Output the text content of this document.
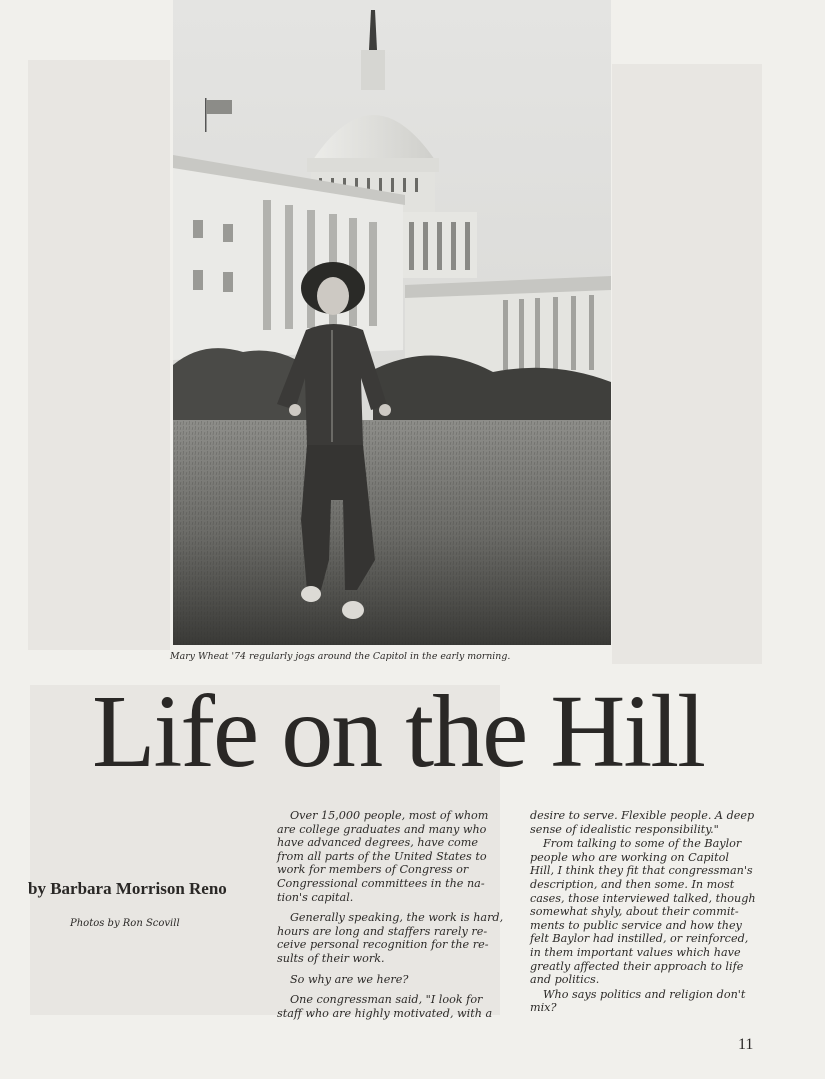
Mary Wheat '74 regularly jogs around the Capitol in the early morning.
Life on the Hill
by Barbara Morrison Reno
Photos by Ron Scovill

Over 15,000 people, most of whom
are college graduates and many who
have advanced degrees, have come
from all parts of the United States to
work for members of Congress or
Congressional committees in the na-
tion's capital.

Generally speaking, the work is hard,
hours are long and staffers rarely re-
ceive personal recognition for the re-
sults of their work.

So why are we here?

One congressman said, "I look for
staff who are highly motivated, with a

desire to serve. Flexible people. A deep
sense of idealistic responsibility."

From talking to some of the Baylor
people who are working on Capitol
Hill, I think they fit that congressman's
description, and then some. In most
cases, those interviewed talked, though
somewhat shyly, about their commit-
ments to public service and how they
felt Baylor had instilled, or reinforced,
in them important values which have
greatly affected their approach to life
and politics.

Who says politics and religion don't
mix?

11
